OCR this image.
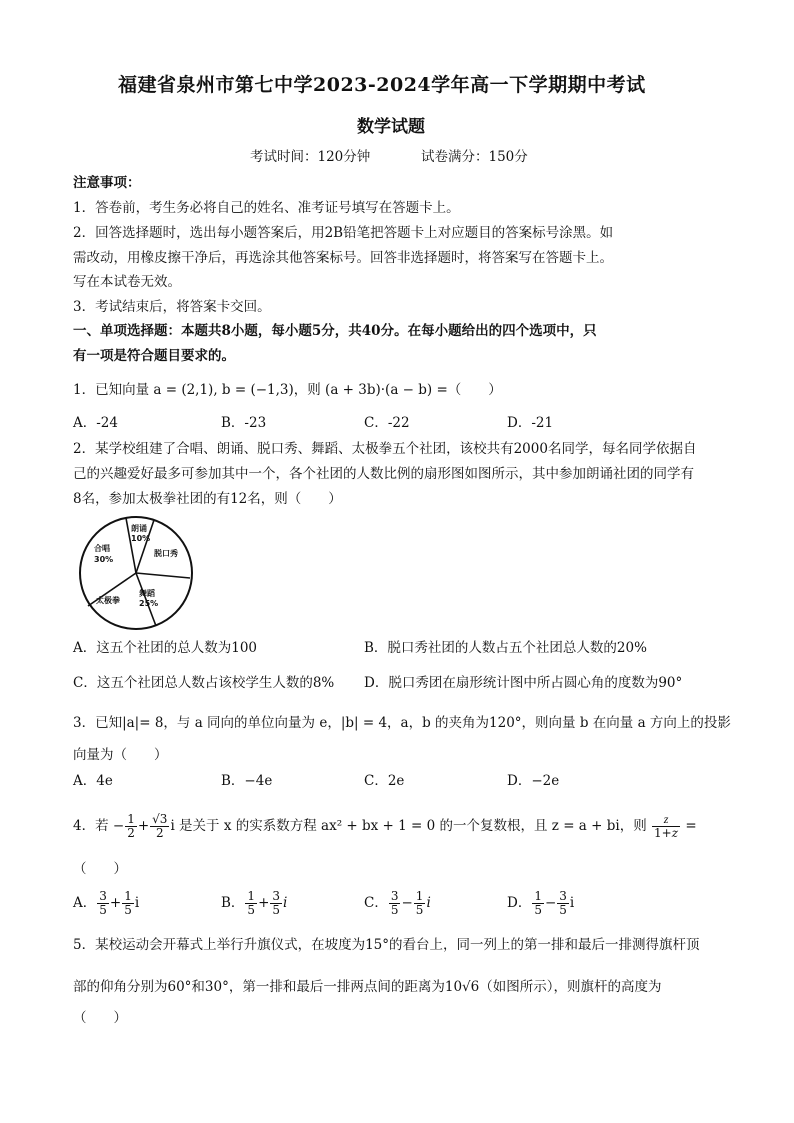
福建省泉州市第七中学2023-2024学年高一下学期期中考试
数学试题
考试时间：120分钟	试卷满分：150分
注意事项：
1．答卷前，考生务必将自己的姓名、准考证号填写在答题卡上。
2．回答选择题时，选出每小题答案后，用2B铅笔把答题卡上对应题目的答案标号涂黑。如
需改动，用橡皮擦干净后，再选涂其他答案标号。回答非选择题时，将答案写在答题卡上。
写在本试卷无效。
3．考试结束后，将答案卡交回。
一、单项选择题：本题共8小题，每小题5分，共40分。在每小题给出的四个选项中，只
有一项是符合题目要求的。
1．已知向量 a = (2,1), b = (−1,3)，则 (a + 3b)·(a − b) =（　　）
A．-24	B．-23	C．-22	D．-21
2．某学校组建了合唱、朗诵、脱口秀、舞蹈、太极拳五个社团，该校共有2000名同学，每名同学依据自
己的兴趣爱好最多可参加其中一个，各个社团的人数比例的扇形图如图所示，其中参加朗诵社团的同学有
8名，参加太极拳社团的有12名，则（　　）
朗诵
10%
脱口秀
合唱
30%
舞蹈
25%
太极拳
A．这五个社团的总人数为100	B．脱口秀社团的人数占五个社团总人数的20%
C．这五个社团总人数占该校学生人数的8% D．脱口秀团在扇形统计图中所占圆心角的度数为90°
3．已知|a|= 8，与 a 同向的单位向量为 e，|b| = 4，a，b 的夹角为120°，则向量 b 在向量 a 方向上的投影
向量为（　　）
A．4e	B．−4e	C．2e	D．−2e
4．若 − $\frac{1}{2} + \frac{√3}{2}$ i 是关于 x 的实系数方程 ax² + bx + 1 = 0 的一个复数根，且 z = a + bi，则 $\frac{z}{1+z}$ =
（　　）
A． $\frac{3}{5} + \frac{1}{5}$ i	B． $\frac{1}{5} + \frac{3}{5}$ i	C． $\frac{3}{5} - \frac{1}{5}$ i	D． $\frac{1}{5} - \frac{3}{5}$ i
5．某校运动会开幕式上举行升旗仪式，在坡度为15°的看台上，同一列上的第一排和最后一排测得旗杆顶
部的仰角分别为60°和30°，第一排和最后一排两点间的距离为10√6（如图所示），则旗杆的高度为
（　　）
